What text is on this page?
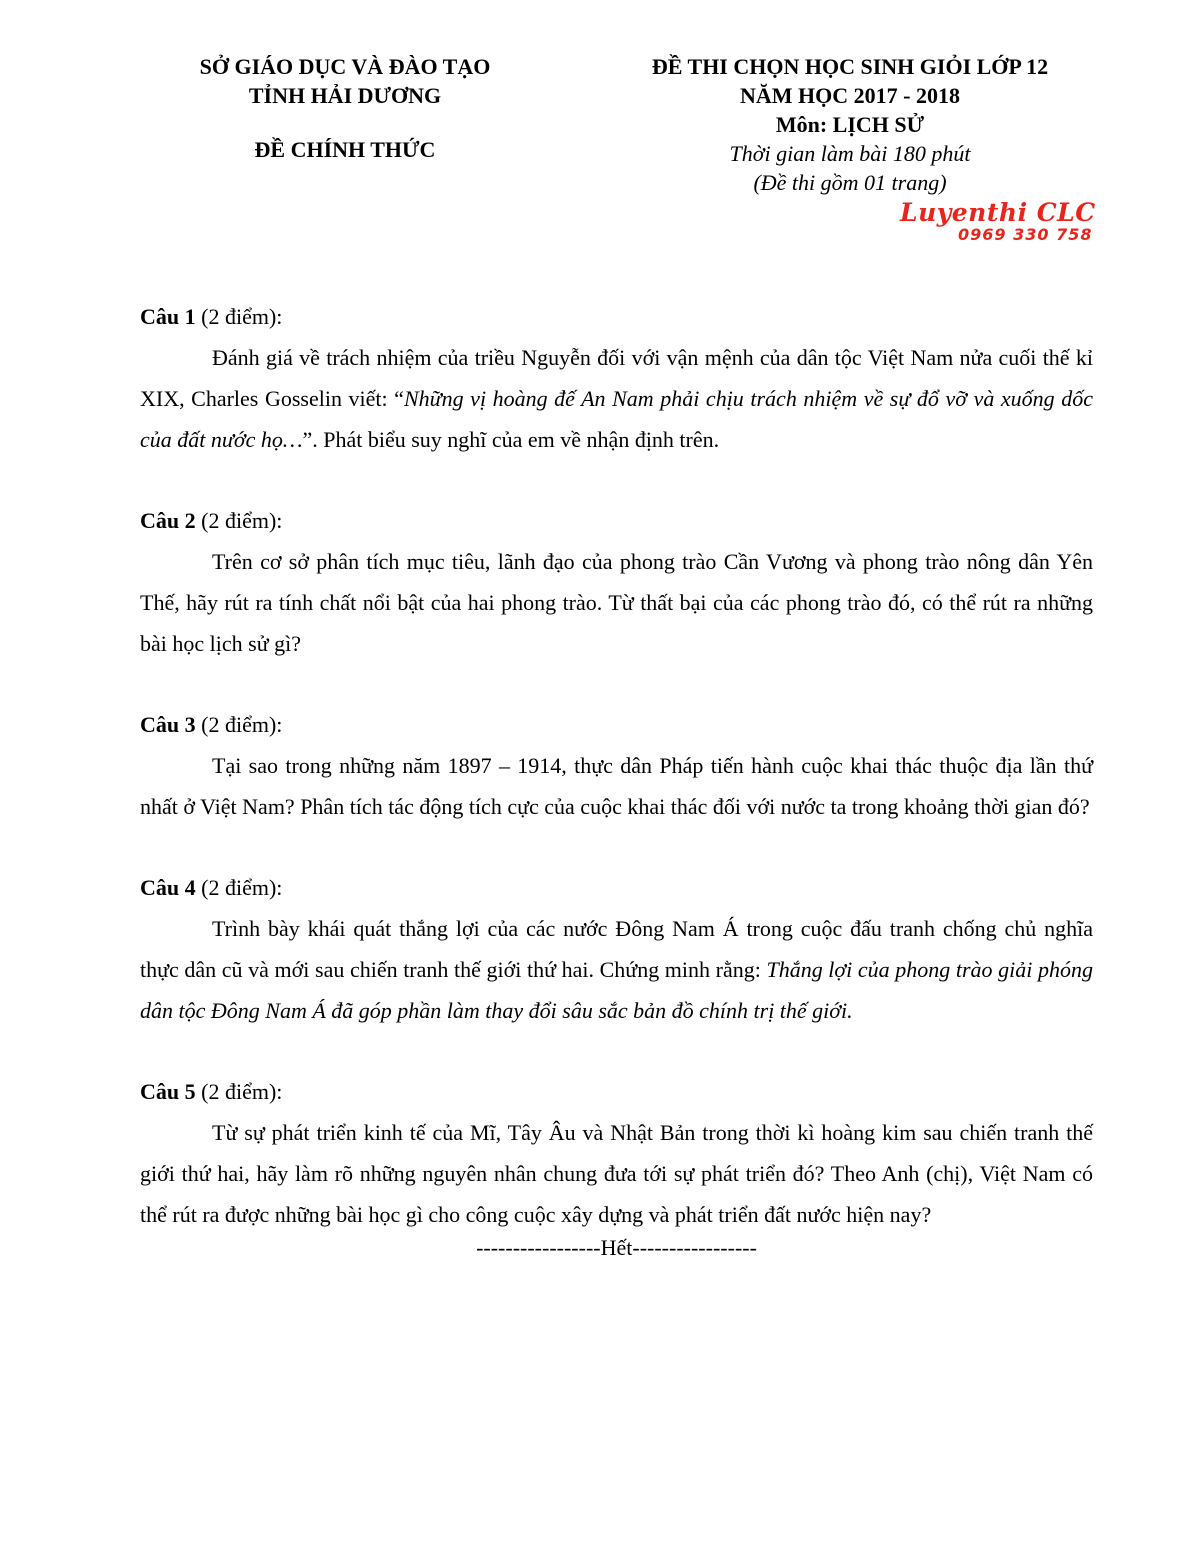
SỞ GIÁO DỤC VÀ ĐÀO TẠO
TỈNH HẢI DƯƠNG
ĐỀ CHÍNH THỨC
ĐỀ THI CHỌN HỌC SINH GIỎI LỚP 12
NĂM HỌC 2017 - 2018
Môn: LỊCH SỬ
Thời gian làm bài 180 phút
(Đề thi gồm 01 trang)
Luyenthi CLC
0969 330 758

Câu 1 (2 điểm):

Đánh giá về trách nhiệm của triều Nguyễn đối với vận mệnh của dân tộc Việt Nam nửa cuối thế kỉ XIX, Charles Gosselin viết: “Những vị hoàng đế An Nam phải chịu trách nhiệm về sự đổ vỡ và xuống dốc của đất nước họ…”. Phát biểu suy nghĩ của em về nhận định trên.

Câu 2 (2 điểm):

Trên cơ sở phân tích mục tiêu, lãnh đạo của phong trào Cần Vương và phong trào nông dân Yên Thế, hãy rút ra tính chất nổi bật của hai phong trào. Từ thất bại của các phong trào đó, có thể rút ra những bài học lịch sử gì?

Câu 3 (2 điểm):

Tại sao trong những năm 1897 – 1914, thực dân Pháp tiến hành cuộc khai thác thuộc địa lần thứ nhất ở Việt Nam? Phân tích tác động tích cực của cuộc khai thác đối với nước ta trong khoảng thời gian đó?

Câu 4 (2 điểm):

Trình bày khái quát thắng lợi của các nước Đông Nam Á trong cuộc đấu tranh chống chủ nghĩa thực dân cũ và mới sau chiến tranh thế giới thứ hai. Chứng minh rằng: Thắng lợi của phong trào giải phóng dân tộc Đông Nam Á đã góp phần làm thay đổi sâu sắc bản đồ chính trị thế giới.

Câu 5 (2 điểm):

Từ sự phát triển kinh tế của Mĩ, Tây Âu và Nhật Bản trong thời kì hoàng kim sau chiến tranh thế giới thứ hai, hãy làm rõ những nguyên nhân chung đưa tới sự phát triển đó? Theo Anh (chị), Việt Nam có thể rút ra được những bài học gì cho công cuộc xây dựng và phát triển đất nước hiện nay?

-----------------Hết-----------------
